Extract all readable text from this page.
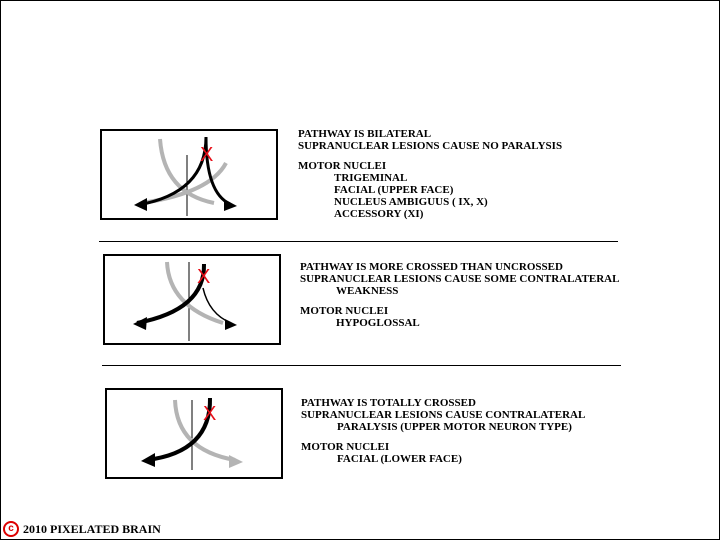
X
PATHWAY IS BILATERAL
SUPRANUCLEAR LESIONS CAUSE NO PARALYSIS
MOTOR NUCLEI
TRIGEMINAL
FACIAL (UPPER FACE)
NUCLEUS AMBIGUUS ( IX, X)
ACCESSORY (XI)
X	PATHWAY IS MORE CROSSED THAN UNCROSSED
SUPRANUCLEAR LESIONS CAUSE SOME CONTRALATERAL
WEAKNESS
MOTOR NUCLEI
HYPOGLOSSAL
X	PATHWAY IS TOTALLY CROSSED
SUPRANUCLEAR LESIONS CAUSE CONTRALATERAL
PARALYSIS (UPPER MOTOR NEURON TYPE)
MOTOR NUCLEI
FACIAL (LOWER FACE)
c 2010 PIXELATED BRAIN
